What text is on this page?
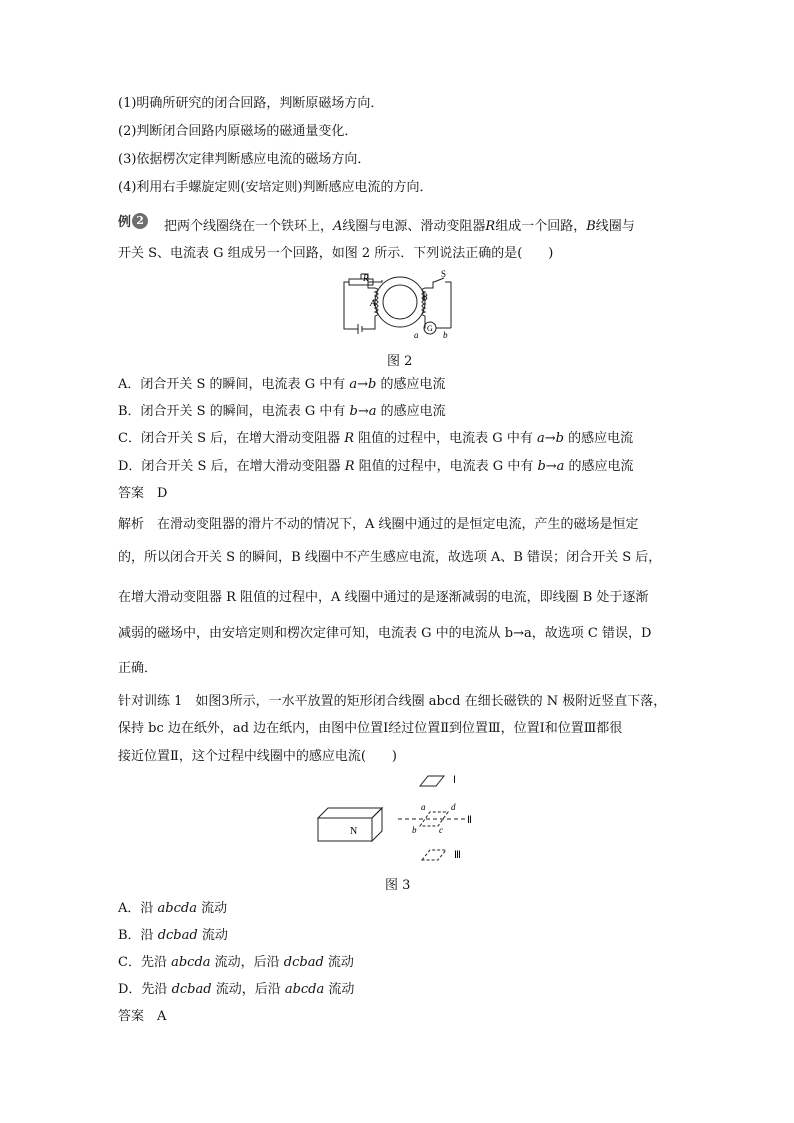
(1)明确所研究的闭合回路，判断原磁场方向．
(2)判断闭合回路内原磁场的磁通量变化．
(3)依据楞次定律判断感应电流的磁场方向．
(4)利用右手螺旋定则(安培定则)判断感应电流的方向．
例 2	把两个线圈绕在一个铁环上，A线圈与电源、滑动变阻器R组成一个回路，B线圈与
开关 S、电流表 G 组成另一个回路，如图 2 所示．下列说法正确的是(　　)
R	S
A
B
G
a	b
图 2
A．闭合开关 S 的瞬间，电流表 G 中有 a→b 的感应电流
B．闭合开关 S 的瞬间，电流表 G 中有 b→a 的感应电流
C．闭合开关 S 后，在增大滑动变阻器 R 阻值的过程中，电流表 G 中有 a→b 的感应电流
D．闭合开关 S 后，在增大滑动变阻器 R 阻值的过程中，电流表 G 中有 b→a 的感应电流
答案　D
解析　在滑动变阻器的滑片不动的情况下，A 线圈中通过的是恒定电流，产生的磁场是恒定
的，所以闭合开关 S 的瞬间，B 线圈中不产生感应电流，故选项 A、B 错误；闭合开关 S 后，
在增大滑动变阻器 R 阻值的过程中，A 线圈中通过的是逐渐减弱的电流，即线圈 B 处于逐渐
减弱的磁场中，由安培定则和楞次定律可知，电流表 G 中的电流从 b→a，故选项 C 错误，D
正确．
针对训练 1　如图3所示，一水平放置的矩形闭合线圈 abcd 在细长磁铁的 N 极附近竖直下落，
保持 bc 边在纸外，ad 边在纸内，由图中位置Ⅰ经过位置Ⅱ到位置Ⅲ，位置Ⅰ和位置Ⅲ都很
接近位置Ⅱ，这个过程中线圈中的感应电流(　　)
N
Ⅰ
Ⅱ
Ⅲ
a	d
b	c
图 3
A．沿 abcda 流动
B．沿 dcbad 流动
C．先沿 abcda 流动，后沿 dcbad 流动
D．先沿 dcbad 流动，后沿 abcda 流动
答案　A
